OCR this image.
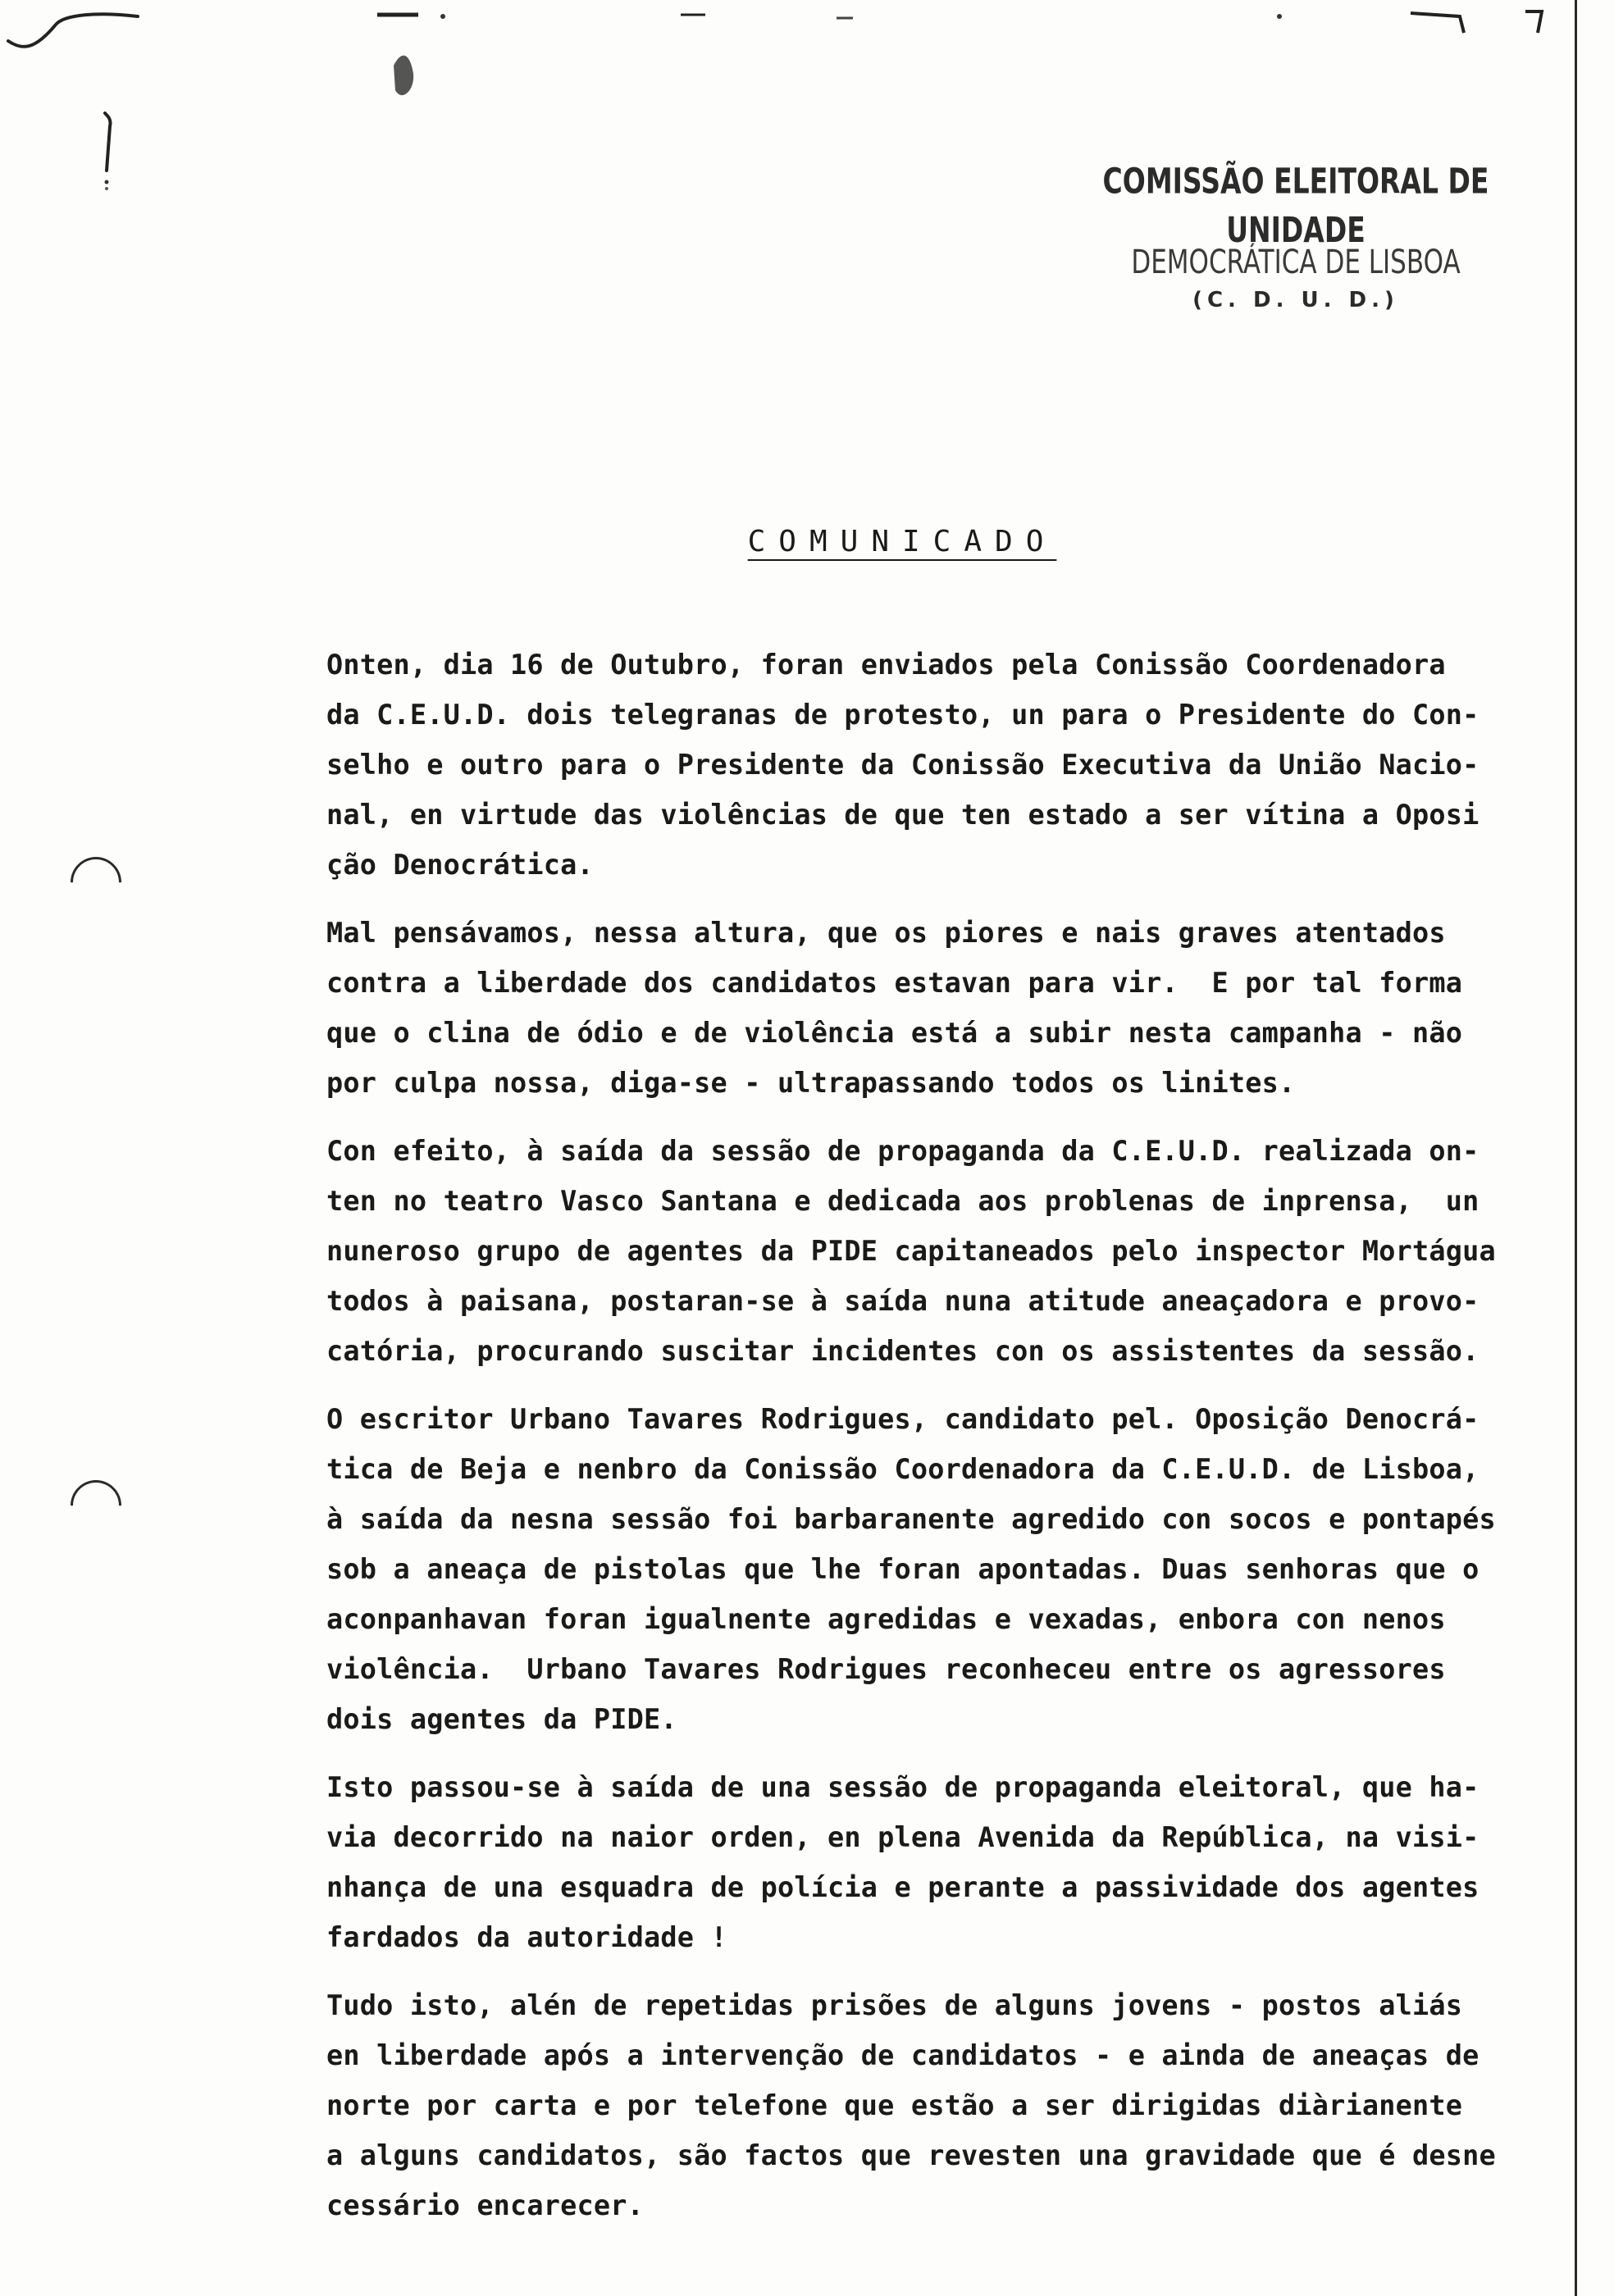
COMISSÃO ELEITORAL DE UNIDADE
DEMOCRÁTICA DE LISBOA
(C. D. U. D.)
COMUNICADO
Onten, dia 16 de Outubro, foran enviados pela Conissão Coordenadora
da C.E.U.D. dois telegranas de protesto, un para o Presidente do Con-
selho e outro para o Presidente da Conissão Executiva da União Nacio-
nal, en virtude das violências de que ten estado a ser vítina a Oposi
ção Denocrática.
Mal pensávamos, nessa altura, que os piores e nais graves atentados
contra a liberdade dos candidatos estavan para vir.  E por tal forma
que o clina de ódio e de violência está a subir nesta campanha - não
por culpa nossa, diga-se - ultrapassando todos os linites.
Con efeito, à saída da sessão de propaganda da C.E.U.D. realizada on-
ten no teatro Vasco Santana e dedicada aos problenas de inprensa,  un
nuneroso grupo de agentes da PIDE capitaneados pelo inspector Mortágua
todos à paisana, postaran-se à saída nuna atitude aneaçadora e provo-
catória, procurando suscitar incidentes con os assistentes da sessão.
O escritor Urbano Tavares Rodrigues, candidato pel. Oposição Denocrá-
tica de Beja e nenbro da Conissão Coordenadora da C.E.U.D. de Lisboa,
à saída da nesna sessão foi barbaranente agredido con socos e pontapés
sob a aneaça de pistolas que lhe foran apontadas. Duas senhoras que o
aconpanhavan foran igualnente agredidas e vexadas, enbora con nenos
violência.  Urbano Tavares Rodrigues reconheceu entre os agressores
dois agentes da PIDE.
Isto passou-se à saída de una sessão de propaganda eleitoral, que ha-
via decorrido na naior orden, en plena Avenida da República, na visi-
nhança de una esquadra de polícia e perante a passividade dos agentes
fardados da autoridade !
Tudo isto, alén de repetidas prisões de alguns jovens - postos aliás
en liberdade após a intervenção de candidatos - e ainda de aneaças de
norte por carta e por telefone que estão a ser dirigidas diàrianente
a alguns candidatos, são factos que revesten una gravidade que é desne
cessário encarecer.
